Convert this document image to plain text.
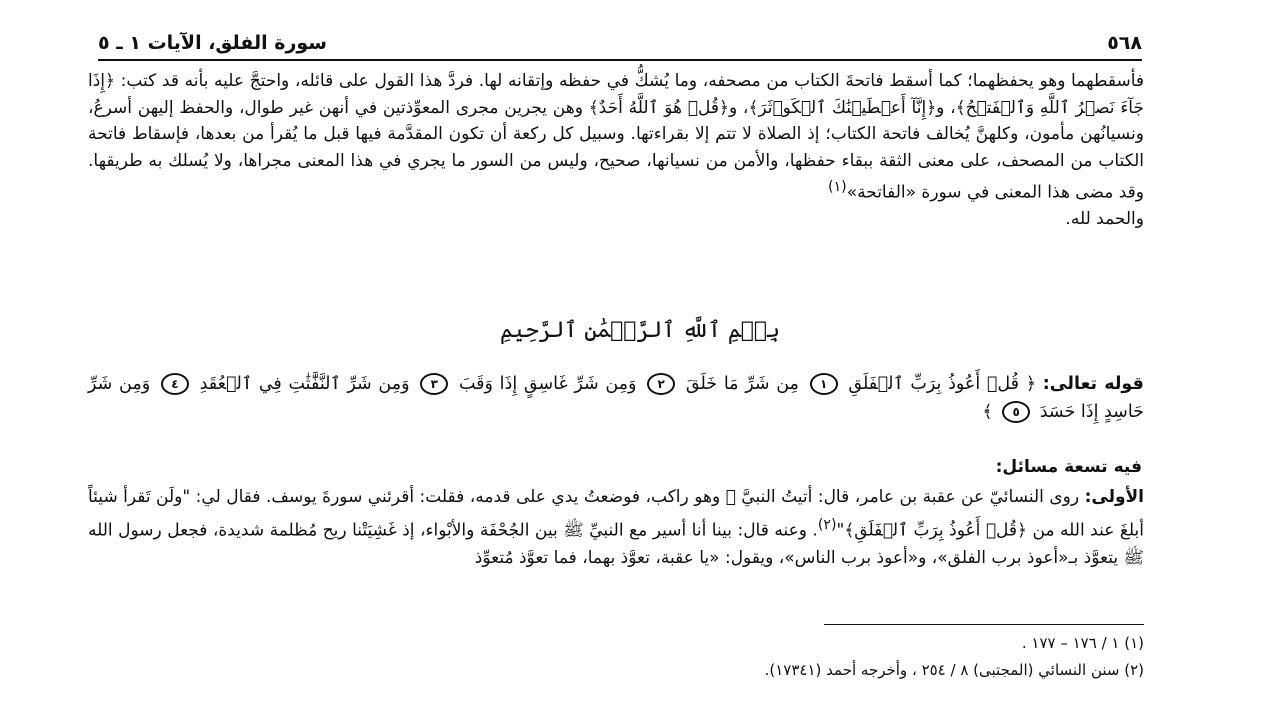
٥٦٨
سورة الفلق، الآيات ١ ـ ٥

فأسقطهما وهو يحفظهما؛ كما أسقط فاتحةَ الكتاب من مصحفه، وما يُشكُّ في حفظه وإتقانه لها. فردَّ هذا القول على قائله، واحتجَّ عليه بأنه قد كتب: ﴿إِذَا جَآءَ نَصۡرُ ٱللَّهِ وَٱلۡفَتۡحُ﴾، و﴿إِنَّآ أَعۡطَيۡنَٰكَ ٱلۡكَوۡثَرَ﴾، و﴿قُلۡ هُوَ ٱللَّهُ أَحَدٌ﴾ وهن يجرين مجرى المعوِّذتين في أنهن غير طوال، والحفظ إليهن أسرعُ، ونسيانُهن مأمون، وكلهنَّ يُخالف فاتحة الكتاب؛ إذ الصلاة لا تتم إلا بقراءتها. وسبيل كل ركعة أن تكون المقدَّمة فيها قبل ما يُقرأ من بعدها، فإسقاط فاتحة الكتاب من المصحف، على معنى الثقة ببقاء حفظها، والأمن من نسيانها، صحيح، وليس من السور ما يجري في هذا المعنى مجراها، ولا يُسلك به طريقها. وقد مضى هذا المعنى في سورة «الفاتحة»$^{(١)}$

والحمد لله.

بِسۡمِ ٱللَّهِ ٱلرَّحۡمَٰنِ ٱلرَّحِيمِ
قوله تعالى: ﴿ قُلۡ أَعُوذُ بِرَبِّ ٱلۡفَلَقِ ١ مِن شَرِّ مَا خَلَقَ ٢ وَمِن شَرِّ غَاسِقٍ إِذَا وَقَبَ ٣ وَمِن شَرِّ ٱلنَّفَّٰثَٰتِ فِي ٱلۡعُقَدِ ٤ وَمِن شَرِّ حَاسِدٍ إِذَا حَسَدَ ٥ ﴾
فيه تسعة مسائل:
الأولى: روى النسائيّ عن عقبة بن عامر، قال: أتيتُ النبيَّ ﷺ وهو راكب، فوضعتُ يدي على قدمه، فقلت: أقرئني سورةَ يوسف. فقال لي: "ولَن تَقرأ شيئاً أبلغَ عند الله من ﴿قُلۡ أَعُوذُ بِرَبِّ ٱلۡفَلَقِ﴾"$^{(٢)}$. وعنه قال: بينا أنا أسير مع النبيِّ ﷺ بين الجُحْفَة والأبْواء، إذ غَشِيَتْنا ريح مُظلمة شديدة، فجعل رسول الله ﷺ يتعوَّذ بـ«أعوذ برب الفلق»، و«أعوذ برب الناس»، ويقول: «يا عقبة، تعوَّذ بهما، فما تعوَّذ مُتعوِّذ
(١) ١ / ١٧٦ – ١٧٧ .
(٢) سنن النسائي (المجتبى) ٨ / ٢٥٤ ، وأخرجه أحمد (١٧٣٤١).
